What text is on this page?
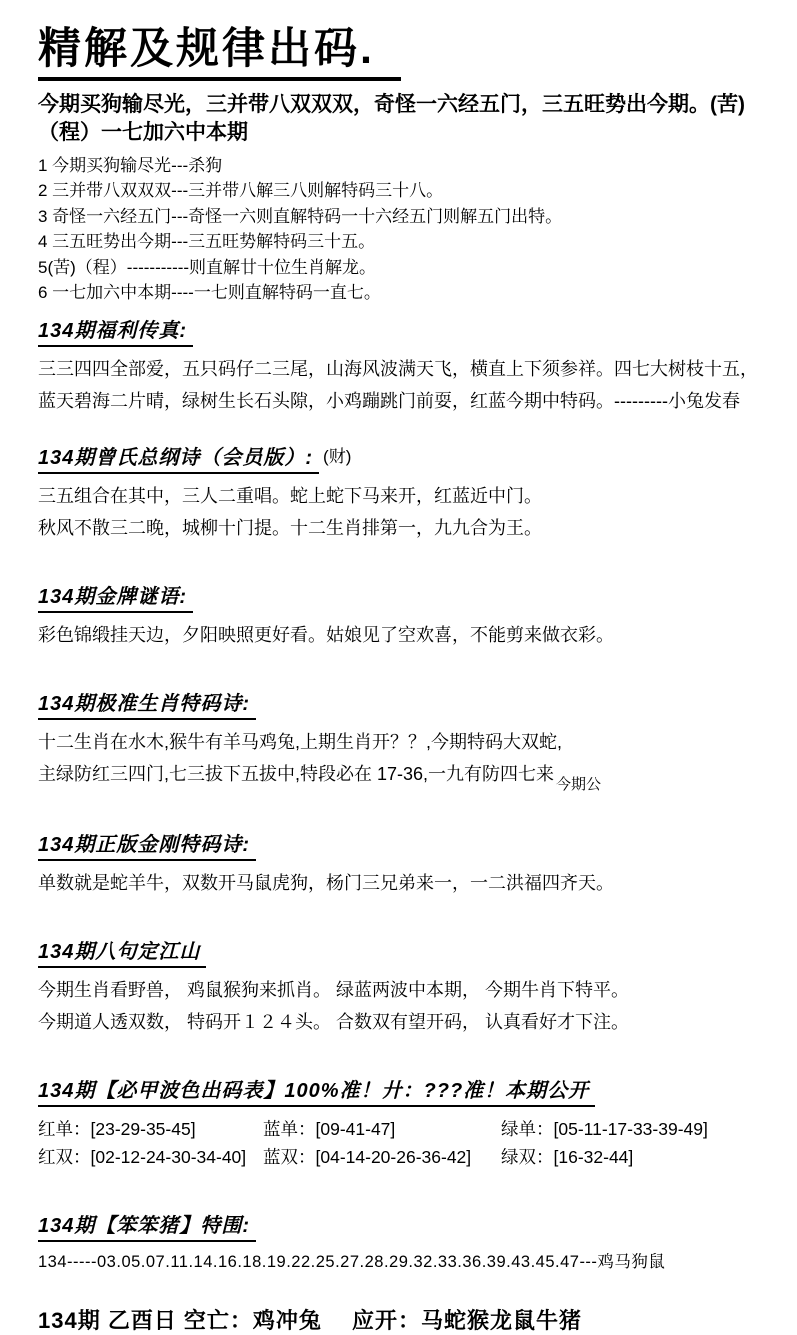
精解及规律出码.
今期买狗输尽光，三并带八双双双，奇怪一六经五门，三五旺势出今期。(苦)
（程）一七加六中本期
1 今期买狗输尽光---杀狗
2 三并带八双双双---三并带八解三八则解特码三十八。
3 奇怪一六经五门---奇怪一六则直解特码一十六经五门则解五门出特。
4 三五旺势出今期---三五旺势解特码三十五。
5(苦)（程）-----------则直解廿十位生肖解龙。
6 一七加六中本期----一七则直解特码一直七。
134期福利传真:
三三四四全部爱，五只码仔二三尾，山海风波满天飞，横直上下须参祥。四七大树枝十五，
蓝天碧海二片晴，绿树生长石头隙，小鸡蹦跳门前耍，红蓝今期中特码。---------小兔发春
134期曾氏总纲诗（会员版）: (财)
三五组合在其中，三人二重唱。蛇上蛇下马来开，红蓝近中门。
秋风不散三二晚，城柳十门提。十二生肖排第一，九九合为王。
134期金牌谜语:
彩色锦缎挂天边，夕阳映照更好看。姑娘见了空欢喜，不能剪来做衣彩。
134期极准生肖特码诗:
十二生肖在水木,猴牛有羊马鸡兔,上期生肖开？？,今期特码大双蛇,
主绿防红三四门,七三拔下五拔中,特段必在 17-36,一九有防四七来$_{今期公}$
134期正版金刚特码诗:
单数就是蛇羊牛，双数开马鼠虎狗，杨门三兄弟来一，一二洪福四齐天。
134期八句定江山
今期生肖看野兽， 鸡鼠猴狗来抓肖。 绿蓝两波中本期， 今期牛肖下特平。
今期道人透双数， 特码开１２４头。 合数双有望开码， 认真看好才下注。
134期【必甲波色出码表】100%准！廾：???准！本期公开
红单：[23-29-35-45]	蓝单：[09-41-47]	绿单：[05-11-17-33-39-49]
红双：[02-12-24-30-34-40] 蓝双：[04-14-20-26-36-42]	绿双：[16-32-44]
134期【笨笨猪】特围:
134-----03.05.07.11.14.16.18.19.22.25.27.28.29.32.33.36.39.43.45.47---鸡马狗鼠
134期 乙酉日 空亡：鸡冲兔　 应开：马蛇猴龙鼠牛猪
